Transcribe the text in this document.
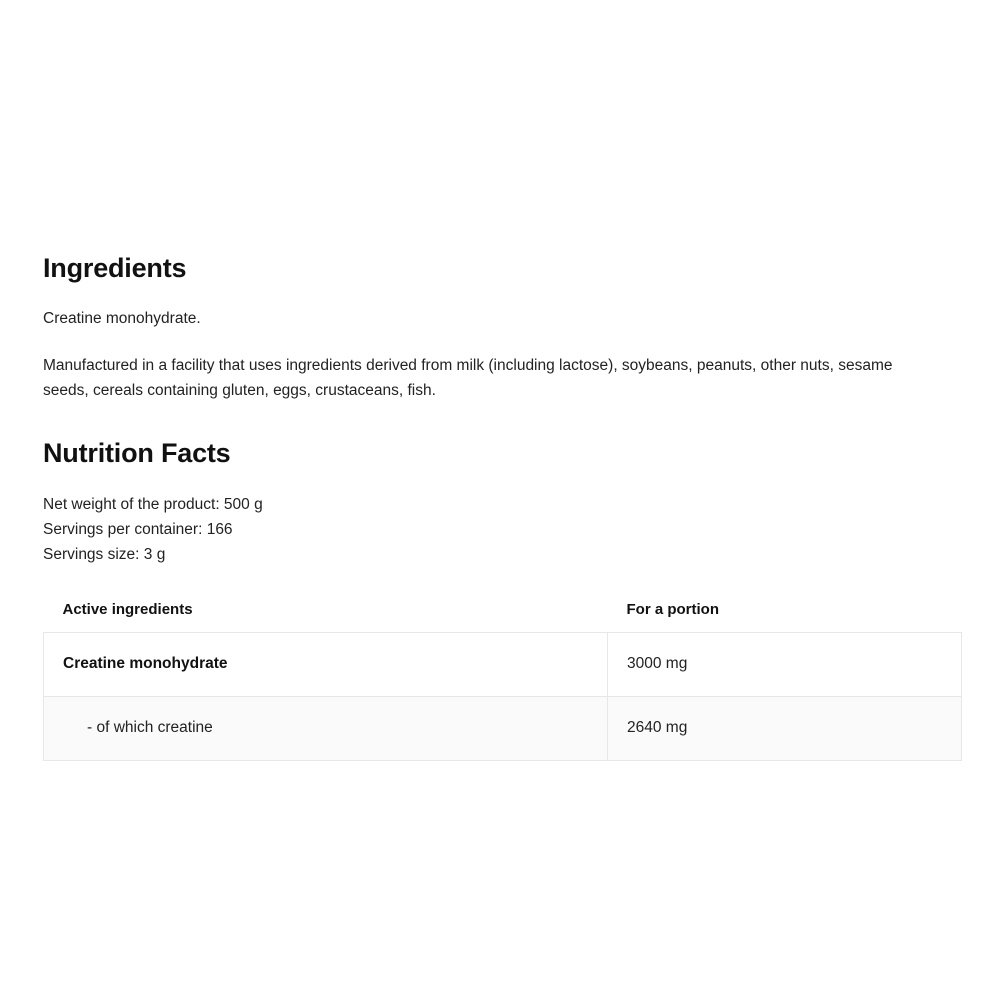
Ingredients

Creatine monohydrate.

Manufactured in a facility that uses ingredients derived from milk (including lactose), soybeans, peanuts, other nuts, sesame seeds, cereals containing gluten, eggs, crustaceans, fish.

Nutrition Facts
Net weight of the product: 500 g
Servings per container: 166
Servings size: 3 g
Active ingredients	For a portion
Creatine monohydrate	3000 mg
- of which creatine	2640 mg
